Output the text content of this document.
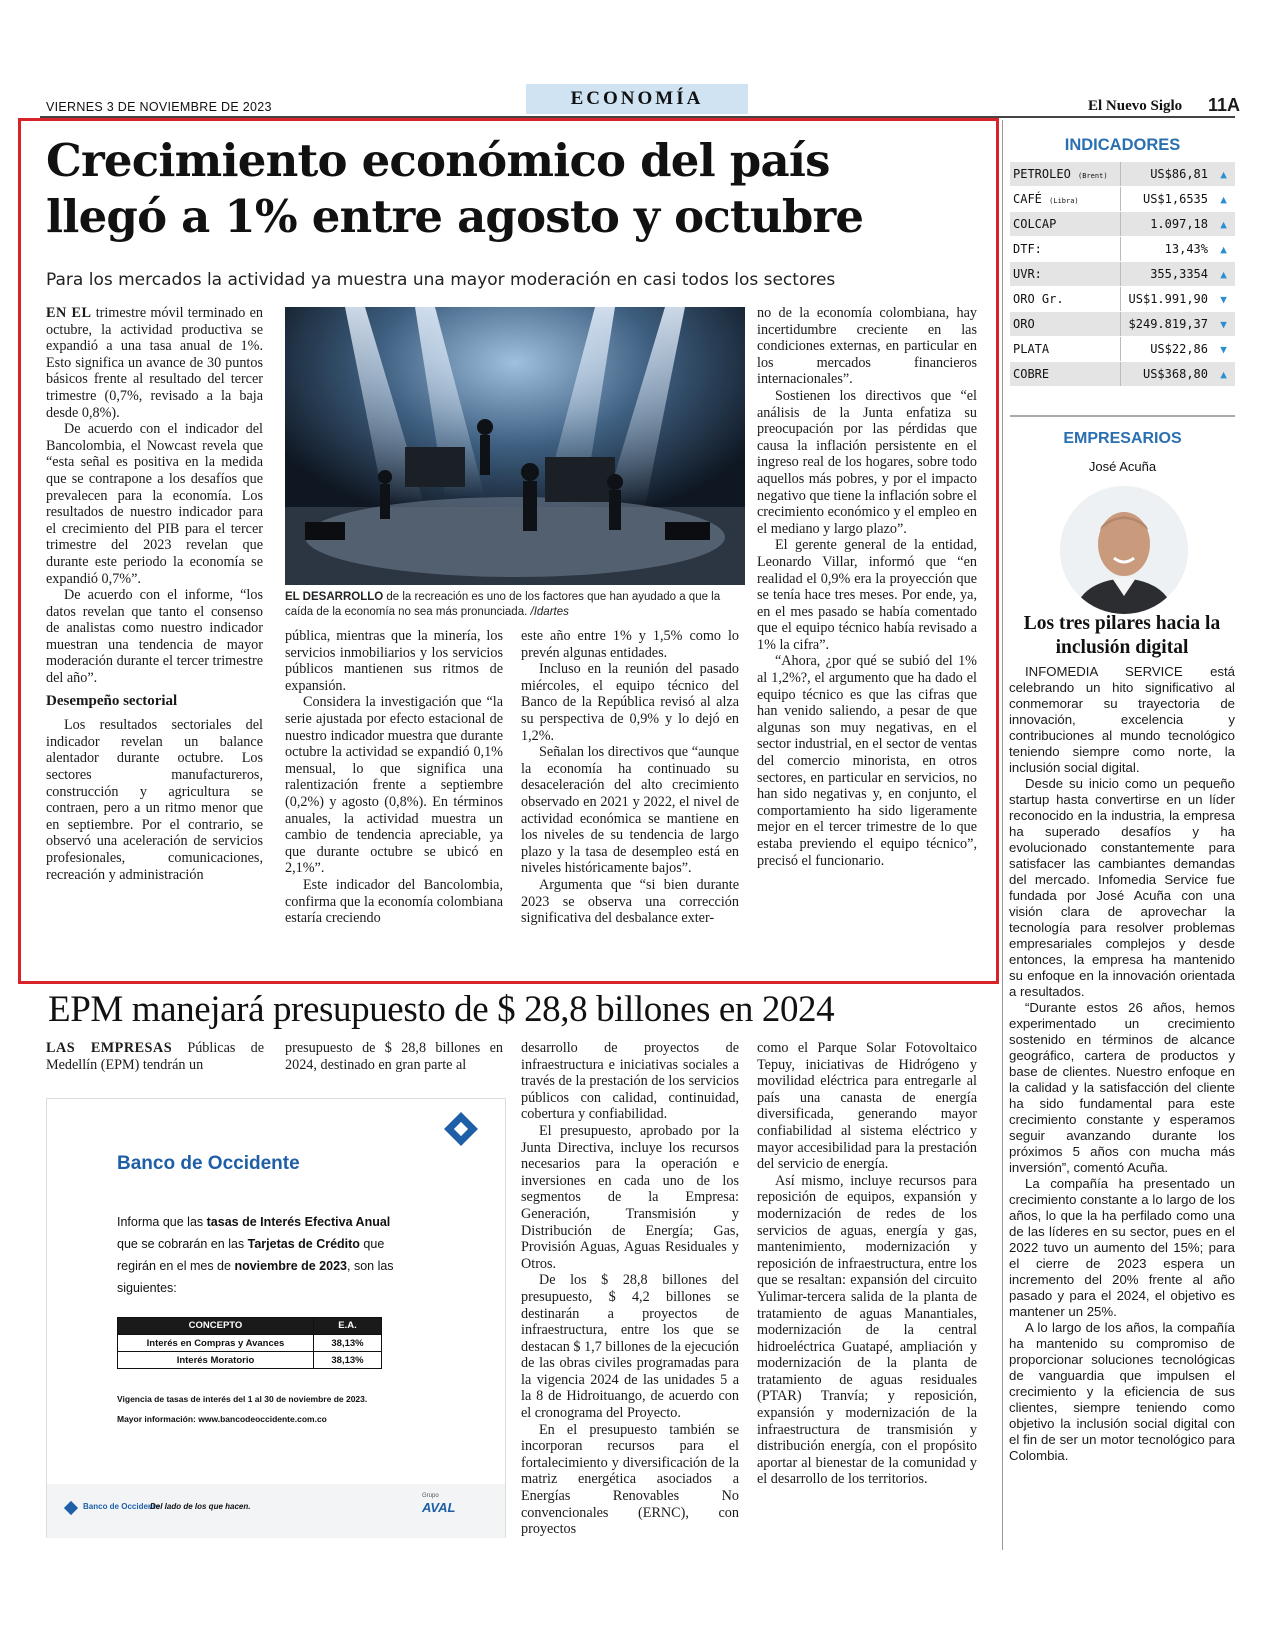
VIERNES 3 DE NOVIEMBRE DE 2023	ECONOMÍA	El Nuevo Siglo 11A
Crecimiento económico del país llegó a 1% entre agosto y octubre
Para los mercados la actividad ya muestra una mayor moderación en casi todos los sectores

EN EL trimestre móvil terminado en octubre, la actividad productiva se expandió a una tasa anual de 1%. Esto significa un avance de 30 puntos básicos frente al resultado del tercer trimestre (0,7%, revisado a la baja desde 0,8%).

De acuerdo con el indicador del Bancolombia, el Nowcast revela que “esta señal es positiva en la medida que se contrapone a los desafíos que prevalecen para la economía. Los resultados de nuestro indicador para el crecimiento del PIB para el tercer trimestre del 2023 revelan que durante este periodo la economía se expandió 0,7%”.

De acuerdo con el informe, “los datos revelan que tanto el consenso de analistas como nuestro indicador muestran una tendencia de mayor moderación durante el tercer trimestre del año”.

Desempeño sectorial

Los resultados sectoriales del indicador revelan un balance alentador durante octubre. Los sectores manufactureros, construcción y agricultura se contraen, pero a un ritmo menor que en septiembre. Por el contrario, se observó una aceleración de servicios profesionales, comunicaciones, recreación y administración

EL DESARROLLO de la recreación es uno de los factores que han ayudado a que la caída de la economía no sea más pronunciada. /Idartes

pública, mientras que la minería, los servicios inmobiliarios y los servicios públicos mantienen sus ritmos de expansión.

Considera la investigación que “la serie ajustada por efecto estacional de nuestro indicador muestra que durante octubre la actividad se expandió 0,1% mensual, lo que significa una ralentización frente a septiembre (0,2%) y agosto (0,8%). En términos anuales, la actividad muestra un cambio de tendencia apreciable, ya que durante octubre se ubicó en 2,1%”.

Este indicador del Bancolombia, confirma que la economía colombiana estaría creciendo

este año entre 1% y 1,5% como lo prevén algunas entidades.

Incluso en la reunión del pasado miércoles, el equipo técnico del Banco de la República revisó al alza su perspectiva de 0,9% y lo dejó en 1,2%.

Señalan los directivos que “aunque la economía ha continuado su desaceleración del alto crecimiento observado en 2021 y 2022, el nivel de actividad económica se mantiene en los niveles de su tendencia de largo plazo y la tasa de desempleo está en niveles históricamente bajos”.

Argumenta que “si bien durante 2023 se observa una corrección significativa del desbalance exter-

no de la economía colombiana, hay incertidumbre creciente en las condiciones externas, en particular en los mercados financieros internacionales”.

Sostienen los directivos que “el análisis de la Junta enfatiza su preocupación por las pérdidas que causa la inflación persistente en el ingreso real de los hogares, sobre todo aquellos más pobres, y por el impacto negativo que tiene la inflación sobre el crecimiento económico y el empleo en el mediano y largo plazo”.

El gerente general de la entidad, Leonardo Villar, informó que “en realidad el 0,9% era la proyección que se tenía hace tres meses. Por ende, ya, en el mes pasado se había comentado que el equipo técnico había revisado a 1% la cifra”.

“Ahora, ¿por qué se subió del 1% al 1,2%?, el argumento que ha dado el equipo técnico es que las cifras que han venido saliendo, a pesar de que algunas son muy negativas, en el sector industrial, en el sector de ventas del comercio minorista, en otros sectores, en particular en servicios, no han sido negativas y, en conjunto, el comportamiento ha sido ligeramente mejor en el tercer trimestre de lo que estaba previendo el equipo técnico”, precisó el funcionario.

INDICADORES
PETROLEO (Brent)	US$86,81	▲
CAFÉ (Libra)	US$1,6535	▲
COLCAP	1.097,18	▲
DTF:	13,43%	▲
UVR:	355,3354	▲
ORO Gr.	US$1.991,90	▼
ORO	$249.819,37	▼
PLATA	US$22,86	▼
COBRE	US$368,80	▲
EMPRESARIOS
José Acuña
Los tres pilares hacia la inclusión digital

INFOMEDIA SERVICE está celebrando un hito significativo al conmemorar su trayectoria de innovación, excelencia y contribuciones al mundo tecnológico teniendo siempre como norte, la inclusión social digital.

Desde su inicio como un pequeño startup hasta convertirse en un líder reconocido en la industria, la empresa ha superado desafíos y ha evolucionado constantemente para satisfacer las cambiantes demandas del mercado. Infomedia Service fue fundada por José Acuña con una visión clara de aprovechar la tecnología para resolver problemas empresariales complejos y desde entonces, la empresa ha mantenido su enfoque en la innovación orientada a resultados.

“Durante estos 26 años, hemos experimentado un crecimiento sostenido en términos de alcance geográfico, cartera de productos y base de clientes. Nuestro enfoque en la calidad y la satisfacción del cliente ha sido fundamental para este crecimiento constante y esperamos seguir avanzando durante los próximos 5 años con mucha más inversión”, comentó Acuña.

La compañía ha presentado un crecimiento constante a lo largo de los años, lo que la ha perfilado como una de las líderes en su sector, pues en el 2022 tuvo un aumento del 15%; para el cierre de 2023 espera un incremento del 20% frente al año pasado y para el 2024, el objetivo es mantener un 25%.

A lo largo de los años, la compañía ha mantenido su compromiso de proporcionar soluciones tecnológicas de vanguardia que impulsen el crecimiento y la eficiencia de sus clientes, siempre teniendo como objetivo la inclusión social digital con el fin de ser un motor tecnológico para Colombia.

EPM manejará presupuesto de $ 28,8 billones en 2024

LAS EMPRESAS Públicas de Medellín (EPM) tendrán un

presupuesto de $ 28,8 billones en 2024, destinado en gran parte al

desarrollo de proyectos de infraestructura e iniciativas sociales a través de la prestación de los servicios públicos con calidad, continuidad, cobertura y confiabilidad.

El presupuesto, aprobado por la Junta Directiva, incluye los recursos necesarios para la operación e inversiones en cada uno de los segmentos de la Empresa: Generación, Transmisión y Distribución de Energía; Gas, Provisión Aguas, Aguas Residuales y Otros.

De los $ 28,8 billones del presupuesto, $ 4,2 billones se destinarán a proyectos de infraestructura, entre los que se destacan $ 1,7 billones de la ejecución de las obras civiles programadas para la vigencia 2024 de las unidades 5 a la 8 de Hidroituango, de acuerdo con el cronograma del Proyecto.

En el presupuesto también se incorporan recursos para el fortalecimiento y diversificación de la matriz energética asociados a Energías Renovables No convencionales (ERNC), con proyectos

como el Parque Solar Fotovoltaico Tepuy, iniciativas de Hidrógeno y movilidad eléctrica para entregarle al país una canasta de energía diversificada, generando mayor confiabilidad al sistema eléctrico y mayor accesibilidad para la prestación del servicio de energía.

Así mismo, incluye recursos para reposición de equipos, expansión y modernización de redes de los servicios de aguas, energía y gas, mantenimiento, modernización y reposición de infraestructura, entre los que se resaltan: expansión del circuito Yulimar-tercera salida de la planta de tratamiento de aguas Manantiales, modernización de la central hidroeléctrica Guatapé, ampliación y modernización de la planta de tratamiento de aguas residuales (PTAR) Tranvía; y reposición, expansión y modernización de la infraestructura de transmisión y distribución energía, con el propósito aportar al bienestar de la comunidad y el desarrollo de los territorios.

Banco de Occidente
Informa que las tasas de Interés Efectiva Anual que se cobrarán en las Tarjetas de Crédito que regirán en el mes de noviembre de 2023, son las siguientes:
CONCEPTO	E.A.
Interés en Compras y Avances	38,13%
Interés Moratorio	38,13%
Vigencia de tasas de interés del 1 al 30 de noviembre de 2023.
Mayor información: www.bancodeoccidente.com.co
Banco de Occidente
Del lado de los que hacen.
Grupo
AVAL
